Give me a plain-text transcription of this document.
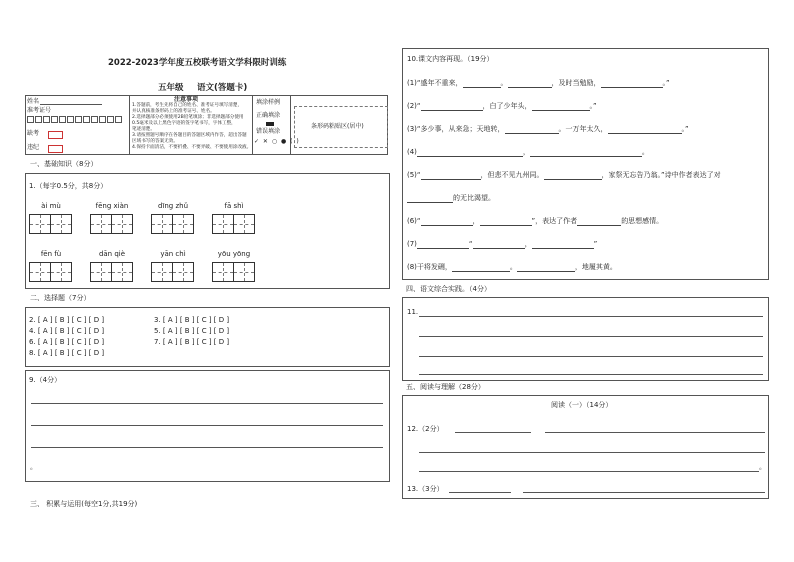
2022-2023学年度五校联考语文学科限时训练
五年级 语文(答题卡)
姓名
准考证号
缺考
违纪
注意事项
1.答题前，考生先将自己的姓名、准考证号填写清楚，
并认真核准条形码上的准考证号、姓名。
2.选择题部分必须使用2B铅笔填涂；非选择题部分使用
0.5毫米及以上黑色字迹的签字笔书写，字体工整，
笔迹清楚。
3.请按照题号顺序在各题目的答题区域内作答，超出答题
区域书写的答案无效。
4.保持卡面清洁，不要折叠、不要弄破、不要使用涂改液。
填涂样例
正确填涂
错误填涂
✓ ✕ ○ ● ( )
条形码粘贴区(居中)
一、基础知识（8分）
1.（每字0.5分，共8分）
ài mù	fēng xiàn	dīng zhǔ	fā shì
fēn fù	dān qiè	yān chì	yōu yōng
二、选择题（7分）
2. [ A ] [ B ] [ C ] [ D ]	3. [ A ] [ B ] [ C ] [ D ]
4. [ A ] [ B ] [ C ] [ D ]	5. [ A ] [ B ] [ C ] [ D ]
6. [ A ] [ B ] [ C ] [ D ]	7. [ A ] [ B ] [ C ] [ D ]
8. [ A ] [ B ] [ C ] [ D ]
9.（4分）
。
三、 积累与运用(每空1分,共19分)
10.课文内容再现。（19分）
(1)“盛年不重来，	。	，及时当勉励，	。”
(2)“	，白了少年头，	。”
(3)“多少事，从来急；天地转，	。一万年太久，	。”
(4)	，	。
(5)“	，但悲不见九州同。	，家祭无忘告乃翁。”诗中作者表达了对
的无比渴望。
(6)“	，	”，表达了作者	的思想感情。
(7)	“	，	”
(8)干将发硎，	。	，地履其黄。
四、语文综合实践。（4分）
11.
五、阅读与理解（28分）
阅读（一）（14分）
12.（2分）
。
13.（3分）
